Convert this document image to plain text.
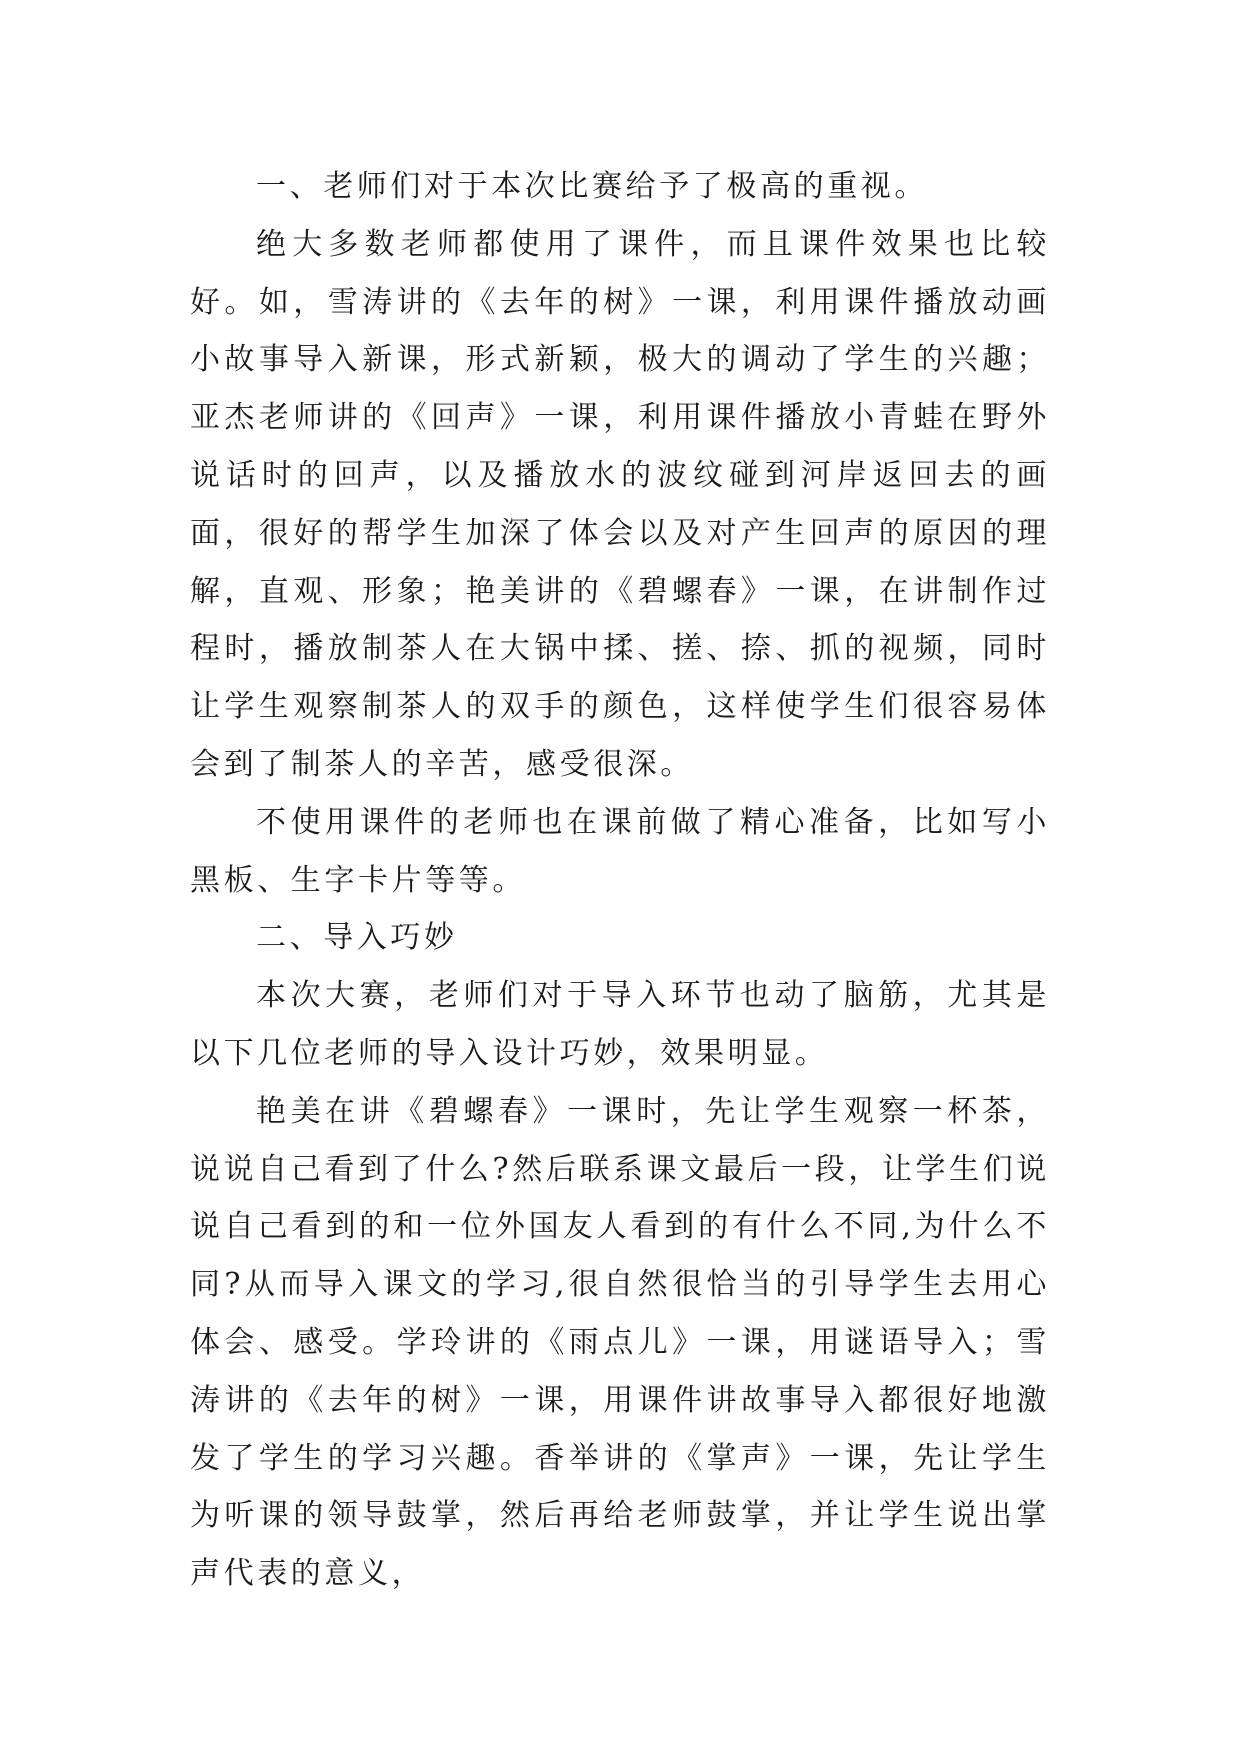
一、老师们对于本次比赛给予了极高的重视。

绝大多数老师都使用了课件，而且课件效果也比较好。如，雪涛讲的《去年的树》一课，利用课件播放动画小故事导入新课，形式新颖，极大的调动了学生的兴趣；亚杰老师讲的《回声》一课，利用课件播放小青蛙在野外说话时的回声，以及播放水的波纹碰到河岸返回去的画面，很好的帮学生加深了体会以及对产生回声的原因的理解，直观、形象；艳美讲的《碧螺春》一课，在讲制作过程时，播放制茶人在大锅中揉、搓、捺、抓的视频，同时让学生观察制茶人的双手的颜色，这样使学生们很容易体会到了制茶人的辛苦，感受很深。

不使用课件的老师也在课前做了精心准备，比如写小黑板、生字卡片等等。

二、导入巧妙

本次大赛，老师们对于导入环节也动了脑筋，尤其是以下几位老师的导入设计巧妙，效果明显。

艳美在讲《碧螺春》一课时，先让学生观察一杯茶，说说自己看到了什么?然后联系课文最后一段，让学生们说说自己看到的和一位外国友人看到的有什么不同,为什么不同?从而导入课文的学习,很自然很恰当的引导学生去用心体会、感受。学玲讲的《雨点儿》一课，用谜语导入；雪涛讲的《去年的树》一课，用课件讲故事导入都很好地激发了学生的学习兴趣。香举讲的《掌声》一课，先让学生为听课的领导鼓掌，然后再给老师鼓掌，并让学生说出掌声代表的意义，
